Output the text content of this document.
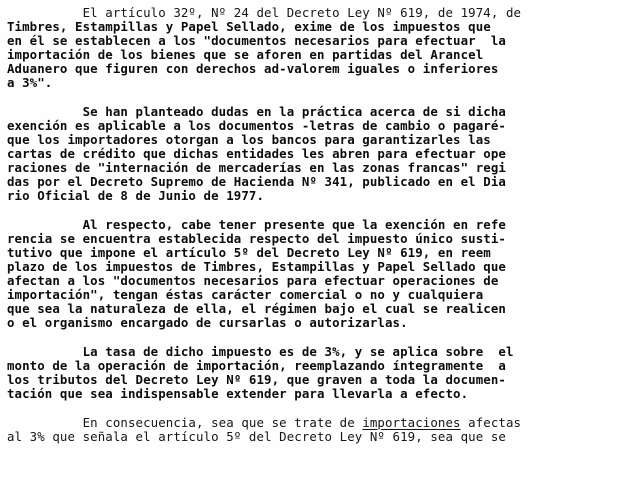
El artículo 32º, Nº 24 del Decreto Ley Nº 619, de 1974, de
Timbres, Estampillas y Papel Sellado, exime de los impuestos que
en él se establecen a los "documentos necesarios para efectuar  la
importación de los bienes que se aforen en partidas del Arancel
Aduanero que figuren con derechos ad-valorem iguales o inferiores
a 3%".
Se han planteado dudas en la práctica acerca de si dicha
exención es aplicable a los documentos -letras de cambio o pagaré-
que los importadores otorgan a los bancos para garantizarles las
cartas de crédito que dichas entidades les abren para efectuar ope
raciones de "internación de mercaderías en las zonas francas" regi
das por el Decreto Supremo de Hacienda Nº 341, publicado en el Dia
rio Oficial de 8 de Junio de 1977.
Al respecto, cabe tener presente que la exención en refe
rencia se encuentra establecida respecto del impuesto único susti-
tutivo que impone el artículo 5º del Decreto Ley Nº 619, en reem
plazo de los impuestos de Timbres, Estampillas y Papel Sellado que
afectan a los "documentos necesarios para efectuar operaciones de
importación", tengan éstas carácter comercial o no y cualquiera
que sea la naturaleza de ella, el régimen bajo el cual se realicen
o el organismo encargado de cursarlas o autorizarlas.
La tasa de dicho impuesto es de 3%, y se aplica sobre  el
monto de la operación de importación, reemplazando íntegramente  a
los tributos del Decreto Ley Nº 619, que graven a toda la documen-
tación que sea indispensable extender para llevarla a efecto.
En consecuencia, sea que se trate de importaciones afectas
al 3% que señala el artículo 5º del Decreto Ley Nº 619, sea que se
